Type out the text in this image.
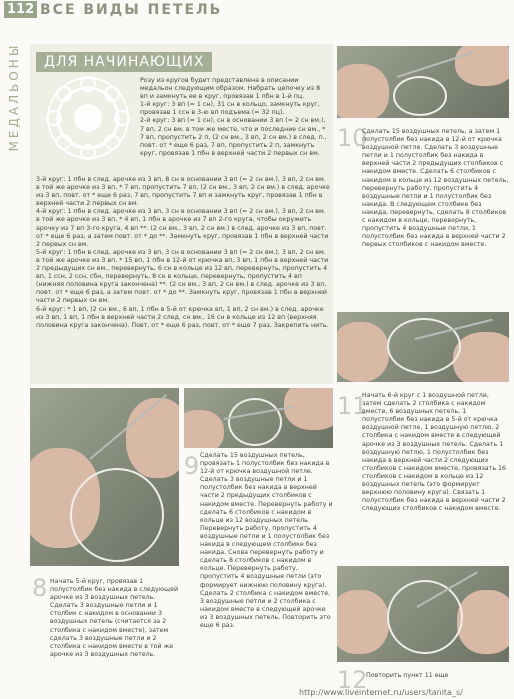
112 ВСЕ ВИДЫ ПЕТЕЛЬ
МЕДАЛЬОНЫ	ДЛЯ НАЧИНАЮЩИХ
Розу из кругов будет представлена в описании медальон следующим образом. Набрать цепочку из 8 вп и замкнуть ее в круг, провязав 1 пбн в 1-й пц.
1-й круг: 3 вп (= 1 сн), 31 сн в кольцо, замкнуть круг, провязав 1 ссн в 3-ю вп подъема (= 32 пц).
2-й круг: 3 вп (= 1 сн), сн в основании 3 вп (= 2 сн вм.), 7 вп, 2 сн вм. в том же месте, что и последние сн вм., * 7 вп, пропустить 2 п, (2 сн вм., 3 вп, 2 сн вм.) в след. п., повт. от * еще 6 раз, 7 вп, пропустить 2 п, замкнуть круг, провязав 1 пбн в верхней части 2 первых сн вм.
3-й круг: 1 пбн в след. арочке из 3 вп, 8 сн в основании 3 вп (= 2 сн вм.), 3 вп, 2 сн вм. в той же арочке из 3 вп, * 7 вп, пропустить 7 вп, (2 сн вм., 3 вп, 2 сн вм.) в след. арочке из 3 вп, повт. от * еще 6 раз, 7 вп, пропустить 7 вп и замкнуть круг, провязав 1 пбн в верхней части 2 первых сн вм.
4-й круг: 1 пбн в след. арочке из 3 вп, 3 сн в основании 3 вп (= 2 сн вм.), 3 вп, 2 сн вм. в той же арочке из 3 вп, * 4 вп, 1 пбн в арочке из 7 вп 2-го круга, чтобы окружить арочку из 7 вп 3-го круга, 4 вп **. (2 сн вм., 3 вп, 2 сн вм.) в след. арочке из 3 вп, повт. от * еще 6 раз, а затем повт. от * до **. Замкнуть круг, провязав 1 пбн в верхней части 2 первых сн вм.
5-й круг: 1 пбн в след. арочке из 3 вп, 3 сн в основании 3 вп (= 2 сн вм.), 3 вп, 2 сн вм. в той же арочке из 3 вп, * 15 вп, 1 пбн в 12-й от крючка вп, 3 вп, 1 пбн в верхней части 2 предыдущих сн вм., перевернуть, 6 сн в кольце из 12 вп, перевернуть, пропустить 4 вп, 1 ссн, 2 ссн, сбн, перевернуть, 8 сн в кольце, перевернуть, пропустить 4 вп (нижняя половина круга закончена) **. (2 сн вм., 3 вп, 2 сн вм.) в след. арочке из 3 вп, повт. от * еще 6 раз, а затем повт. от * до **. Замкнуть круг, провязав 1 пбн в верхней части 2 первых сн вм.
6-й круг: * 1 вп, (2 сн вм., 6 вп, 1 пбн в 5-й от крючка вп, 1 вп, 2 сн вм.) в след. арочке из 3 вп, 1 вп, 1 пбн в верхней части 2 след. сн вм., 16 сн в кольце из 12 вп (верхняя половина круга закончена). Повт. от * еще 6 раз, повт. от * еще 7 раз. Закрепить нить.
10
Сделать 15 воздушных петель, а затем 1 полустолбик без накида в 12-й от крючка воздушной петле. Сделать 3 воздушные петли и 1 полустолбик без накида в верхней части 2 предыдущих столбиков с накидом вместе. Сделать 6 столбиков с накидом в кольце из 12 воздушных петель, перевернуть работу, пропустить 4 воздушные петли и 1 полустолбик без накида. В следующем столбике без накида, перевернуть, сделать 8 столбиков с накидом в кольце, перевернуть, пропустить 4 воздушные петли, 1 полустолбик без накида в верхней части 2 первых столбиков с накидом вместе.
11
Начать 6-й круг с 1 воздушной петли, затем сделать 2 столбика с накидом вместе, 6 воздушных петель, 1 полустолбик без накида в 5-й от крючка воздушной петле, 1 воздушную петлю, 2 столбика с накидом вместе в следующей арочке из 3 воздушных петель. Сделать 1 воздушную петлю, 1 полустолбик без накида в верхней части 2 следующих столбиков с накидом вместе, провязать 16 столбиков с накидом в кольце из 12 воздушных петель (это формирует верхнюю половину круга). Связать 1 полустолбик без накида в верхней части 2 следующих столбиков с накидом вместе.
9 Сделать 15 воздушных петель, провязать 1 полустолбик без накида в 12-й от крючка воздушной петле. Сделать 3 воздушные петли и 1 полустолбик без накида в верхней части 2 предыдущих столбиков с накидом вместе. Перевернуть работу и сделать 6 столбиков с накидом в кольце из 12 воздушных петель. Перевернуть работу, пропустить 4 воздушные петли и 1 полустолбик без накида в следующем столбике без накида. Снова перевернуть работу и сделать 8 столбиков с накидом в кольце. Перевернуть работу, пропустить 4 воздушные петли (это формирует нижнюю половину круга). Сделать 2 столбика с накидом вместе, 3 воздушные петли и 2 столбика с накидом вместе в следующей арочке из 3 воздушных петель. Повторить это еще 6 раз.
8 Начать 5-й круг, провязав 1 полустолбик без накида в следующей арочке из 3 воздушных петель. Сделать 3 воздушные петли и 1 столбик с накидом в основании 3 воздушных петель (считается за 2 столбика с накидом вместе), затем сделать 3 воздушные петли и 2 столбика с накидом вместе в той же арочке из 3 воздушных петель.
12
Повторить пункт 11 еще
http://www.liveinternet.ru/users/tanita_s/
